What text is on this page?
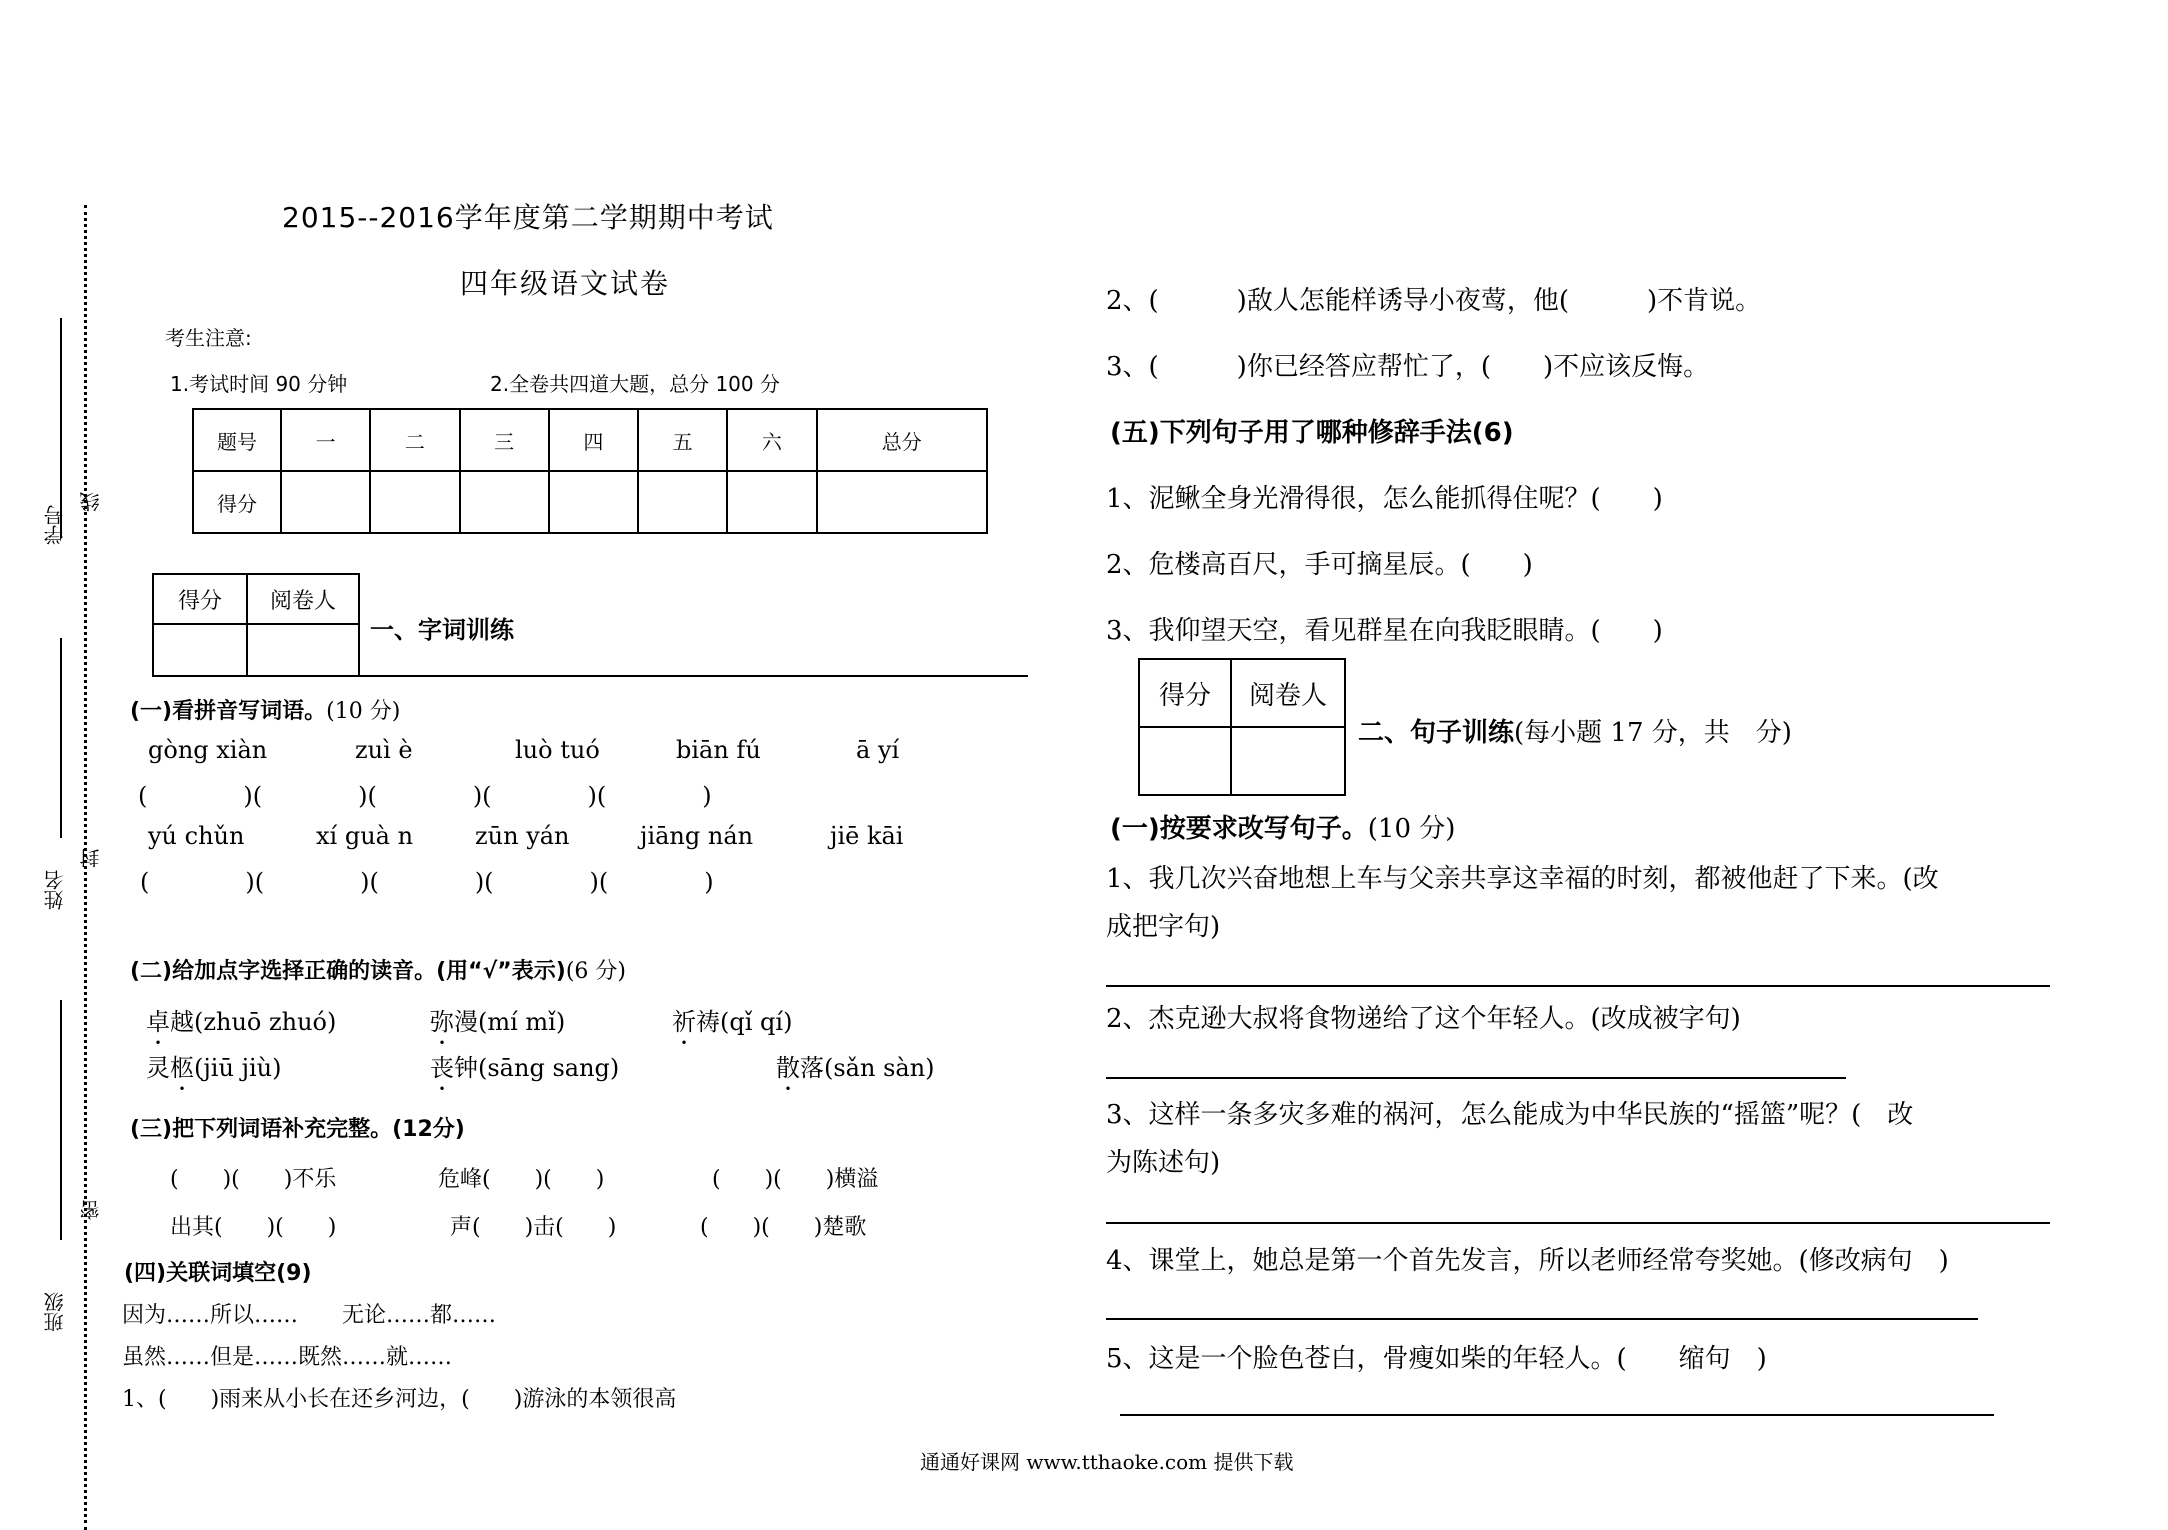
学号
线
姓名
封
密
班级
2015--2016学年度第二学期期中考试
四年级语文试卷
考生注意:
1.考试时间 90 分钟	2.全卷共四道大题，总分 100 分
题号	一	二	三	四	五	六	总分
得分							
得分	阅卷人

一、字词训练
(一)看拼音写词语。(10 分)
gòng xiàn	zuì è	luò tuó	biān fú	ā yí
(　　　　)(　　　　)(　　　　)(　　　　)(　　　　)
yú chǔn	xí guà n	zūn yán	jiāng nán	jiē kāi
(　　　　)(　　　　)(　　　　)(　　　　)(　　　　)
(二)给加点字选择正确的读音。(用“√”表示)(6 分)
卓越(zhuō zhuó)	弥漫(mí mǐ)	祈祷(qǐ qí)
灵柩(jiū jiù)	丧钟(sāng sang)	散落(sǎn sàn)
(三)把下列词语补充完整。(12分)
(　　)(　　)不乐	危峰(　　)(　　)	(　　)(　　)横溢
出其(　　)(　　)	声(　　)击(　　)	(　　)(　　)楚歌
(四)关联词填空(9)
因为……所以……　　无论……都……
虽然……但是……既然……就……
1、(　　)雨来从小长在还乡河边，(　　)游泳的本领很高
2、(　　　)敌人怎能样诱导小夜莺，他(　　　)不肯说。
3、(　　　)你已经答应帮忙了，(　　)不应该反悔。
(五)下列句子用了哪种修辞手法(6)
1、泥鳅全身光滑得很，怎么能抓得住呢？(　　)
2、危楼高百尺，手可摘星辰。(　　)
3、我仰望天空，看见群星在向我眨眼睛。(　　)
得分	阅卷人

二、句子训练(每小题 17 分，共　分)
(一)按要求改写句子。(10 分)
1、我几次兴奋地想上车与父亲共享这幸福的时刻，都被他赶了下来。(改
成把字句)
2、杰克逊大叔将食物递给了这个年轻人。(改成被字句)
3、这样一条多灾多难的祸河，怎么能成为中华民族的“摇篮”呢？(　改
为陈述句)
4、课堂上，她总是第一个首先发言，所以老师经常夸奖她。(修改病句　)
5、这是一个脸色苍白，骨瘦如柴的年轻人。(　　缩句　)
通通好课网 www.tthaoke.com 提供下载
